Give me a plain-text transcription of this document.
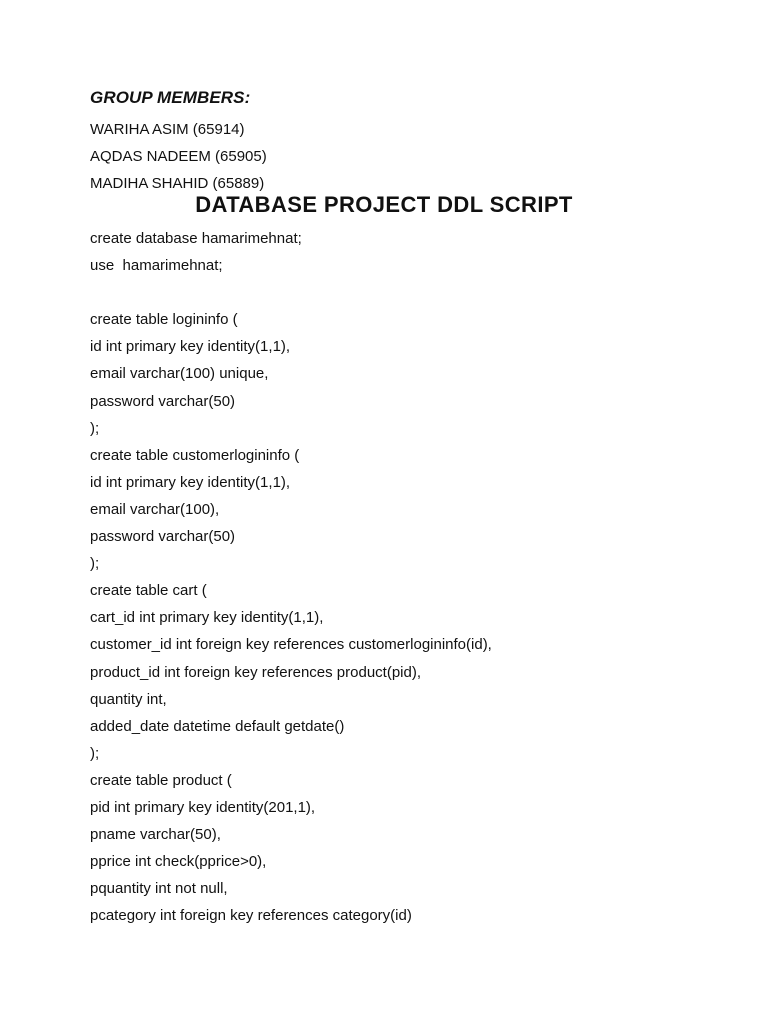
GROUP MEMBERS:
WARIHA ASIM (65914)
AQDAS NADEEM (65905)
MADIHA SHAHID (65889)
DATABASE PROJECT DDL SCRIPT
create database hamarimehnat;
use  hamarimehnat;
create table logininfo (
id int primary key identity(1,1),
email varchar(100) unique,
password varchar(50)
);
create table customerlogininfo (
id int primary key identity(1,1),
email varchar(100),
password varchar(50)
);
create table cart (
cart_id int primary key identity(1,1),
customer_id int foreign key references customerlogininfo(id),
product_id int foreign key references product(pid),
quantity int,
added_date datetime default getdate()
);
create table product (
pid int primary key identity(201,1),
pname varchar(50),
pprice int check(pprice>0),
pquantity int not null,
pcategory int foreign key references category(id)
